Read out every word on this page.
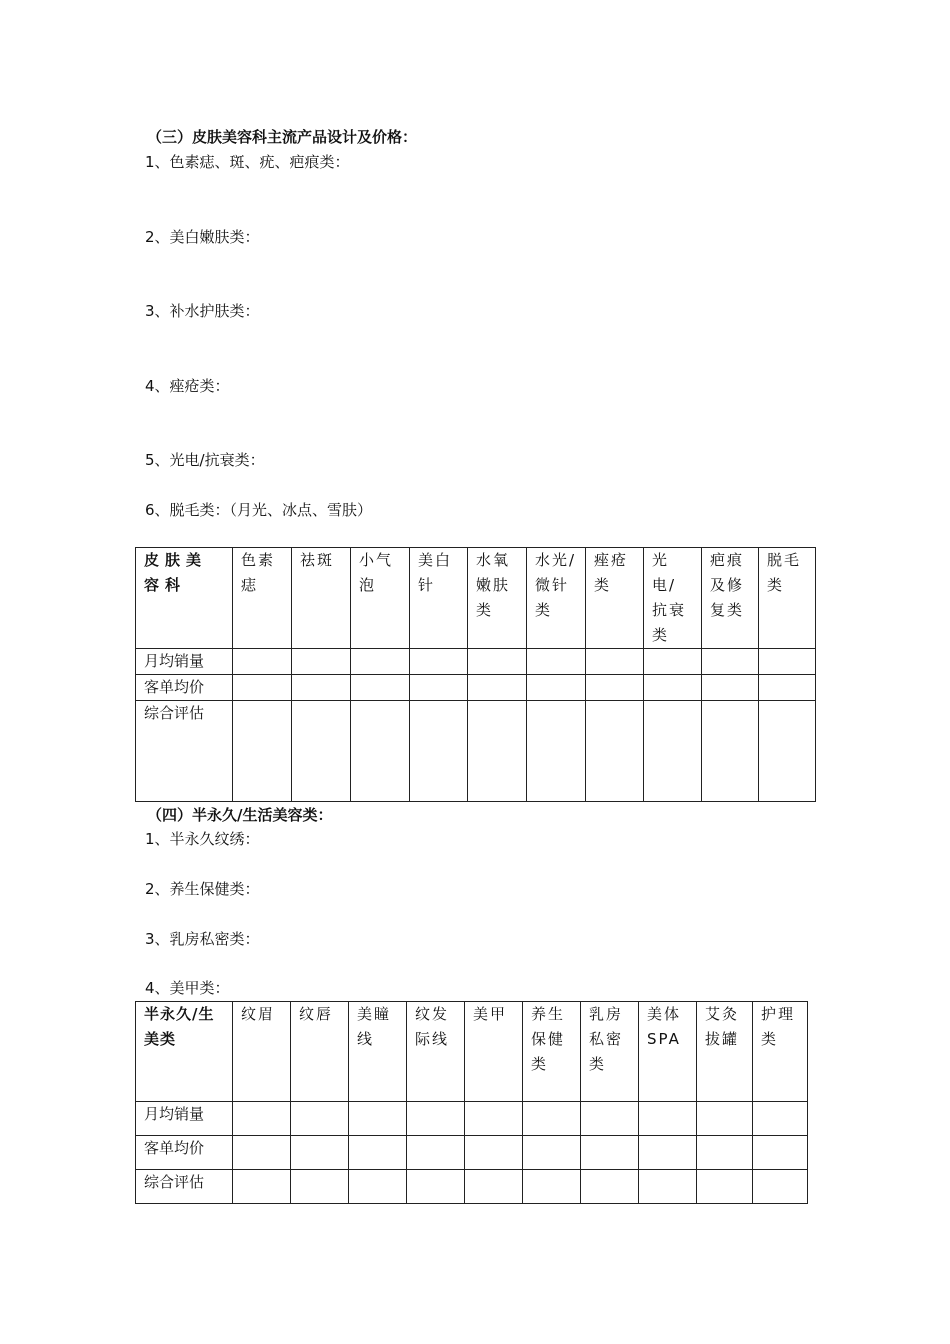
（三）皮肤美容科主流产品设计及价格：
1、色素痣、斑、疣、疤痕类：
2、美白嫩肤类：
3、补水护肤类：
4、痤疮类：
5、光电/抗衰类：
6、脱毛类：（月光、冰点、雪肤）
皮肤美容科	色素痣	祛斑	小气泡	美白针	水氧嫩肤类	水光/微针类	痤疮类	光电/抗衰类	疤痕及修复类	脱毛类
月均销量										
客单均价										
综合评估										
（四）半永久/生活美容类：
1、半永久纹绣：
2、养生保健类：
3、乳房私密类：
4、美甲类：
半永久/生美类	纹眉	纹唇	美瞳线	纹发际线	美甲	养生保健类	乳房私密类	美体SPA	艾灸拔罐	护理类
月均销量										
客单均价										
综合评估										
